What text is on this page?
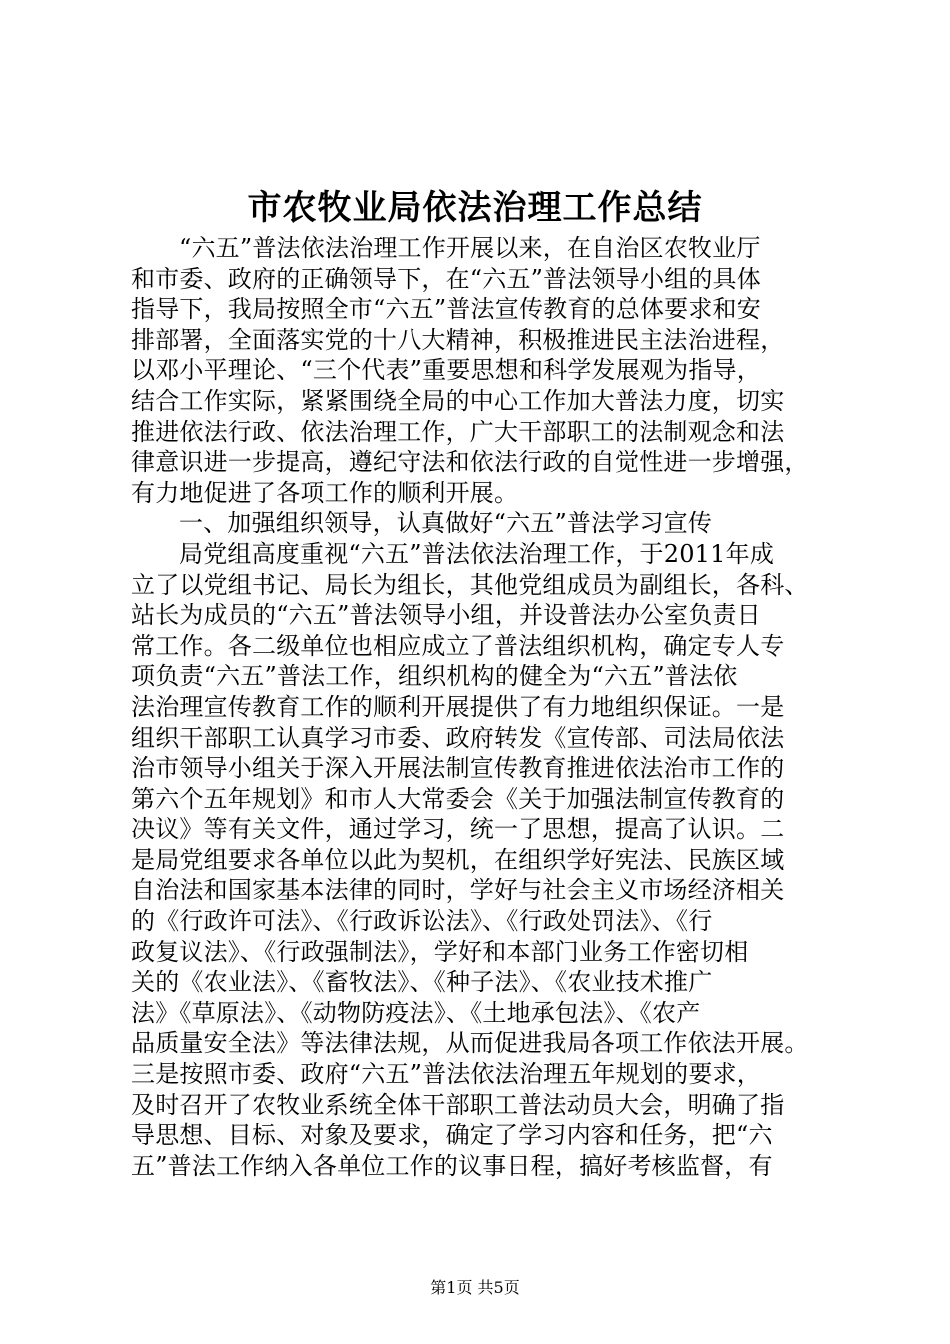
市农牧业局依法治理工作总结
“六五”普法依法治理工作开展以来，在自治区农牧业厅
和市委、政府的正确领导下，在“六五”普法领导小组的具体
指导下，我局按照全市“六五”普法宣传教育的总体要求和安
排部署，全面落实党的十八大精神，积极推进民主法治进程，
以邓小平理论、“三个代表”重要思想和科学发展观为指导，
结合工作实际，紧紧围绕全局的中心工作加大普法力度，切实
推进依法行政、依法治理工作，广大干部职工的法制观念和法
律意识进一步提高，遵纪守法和依法行政的自觉性进一步增强，
有力地促进了各项工作的顺利开展。
一、加强组织领导，认真做好“六五”普法学习宣传
局党组高度重视“六五”普法依法治理工作，于2011年成
立了以党组书记、局长为组长，其他党组成员为副组长，各科、
站长为成员的“六五”普法领导小组，并设普法办公室负责日
常工作。各二级单位也相应成立了普法组织机构，确定专人专
项负责“六五”普法工作，组织机构的健全为“六五”普法依
法治理宣传教育工作的顺利开展提供了有力地组织保证。一是
组织干部职工认真学习市委、政府转发《宣传部、司法局依法
治市领导小组关于深入开展法制宣传教育推进依法治市工作的
第六个五年规划》和市人大常委会《关于加强法制宣传教育的
决议》等有关文件，通过学习，统一了思想，提高了认识。二
是局党组要求各单位以此为契机，在组织学好宪法、民族区域
自治法和国家基本法律的同时，学好与社会主义市场经济相关
的《行政许可法》、《行政诉讼法》、《行政处罚法》、《行
政复议法》、《行政强制法》，学好和本部门业务工作密切相
关的《农业法》、《畜牧法》、《种子法》、《农业技术推广
法》《草原法》、《动物防疫法》、《土地承包法》、《农产
品质量安全法》等法律法规，从而促进我局各项工作依法开展。
三是按照市委、政府“六五”普法依法治理五年规划的要求，
及时召开了农牧业系统全体干部职工普法动员大会，明确了指
导思想、目标、对象及要求，确定了学习内容和任务，把“六
五”普法工作纳入各单位工作的议事日程，搞好考核监督，有
第1页 共5页
